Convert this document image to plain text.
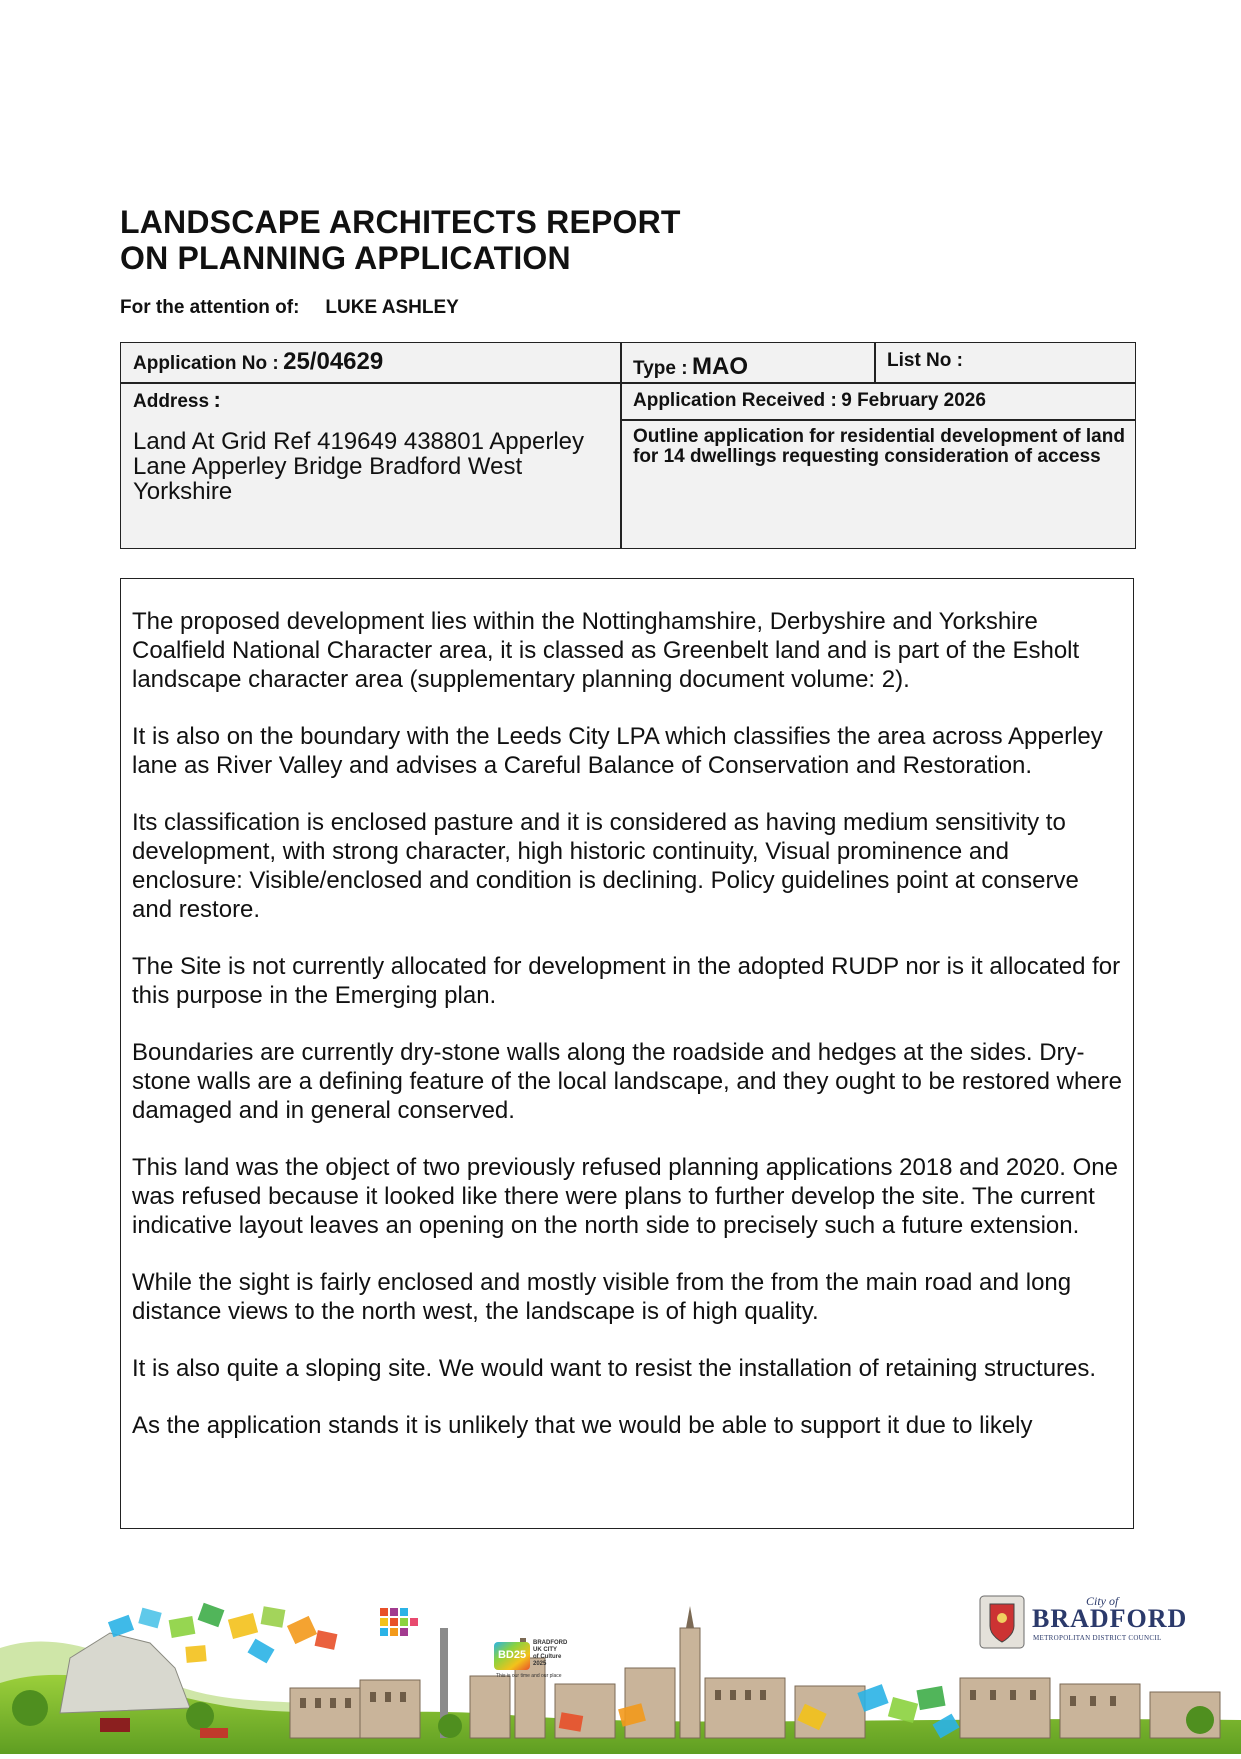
LANDSCAPE ARCHITECTS REPORT
ON PLANNING APPLICATION
For the attention of: LUKE ASHLEY
Application No : 25/04629	Type : MAO	List No :
Address :
Land At Grid Ref 419649 438801 Apperley Lane Apperley Bridge Bradford West Yorkshire
Application Received : 9 February 2026
Outline application for residential development of land for 14 dwellings requesting consideration of access

The proposed development lies within the Nottinghamshire, Derbyshire and Yorkshire Coalfield National Character area, it is classed as Greenbelt land and is part of the Esholt landscape character area (supplementary planning document volume: 2).

It is also on the boundary with the Leeds City LPA which classifies the area across Apperley lane as River Valley and advises a Careful Balance of Conservation and Restoration.

Its classification is enclosed pasture and it is considered as having medium sensitivity to development, with strong character, high historic continuity, Visual prominence and enclosure: Visible/enclosed and condition is declining. Policy guidelines point at conserve and restore.

The Site is not currently allocated for development in the adopted RUDP nor is it allocated for this purpose in the Emerging plan.

Boundaries are currently dry-stone walls along the roadside and hedges at the sides. Dry-stone walls are a defining feature of the local landscape, and they ought to be restored where damaged and in general conserved.

This land was the object of two previously refused planning applications 2018 and 2020. One was refused because it looked like there were plans to further develop the site. The current indicative layout leaves an opening on the north side to precisely such a future extension.

While the sight is fairly enclosed and mostly visible from the from the main road and long distance views to the north west, the landscape is of high quality.

It is also quite a sloping site. We would want to resist the installation of retaining structures.

As the application stands it is unlikely that we would be able to support it due to likely

BD25
BRADFORD
UK CITY
of Culture
2025
This is our time and our place
City of
BRADFORD
METROPOLITAN DISTRICT COUNCIL
